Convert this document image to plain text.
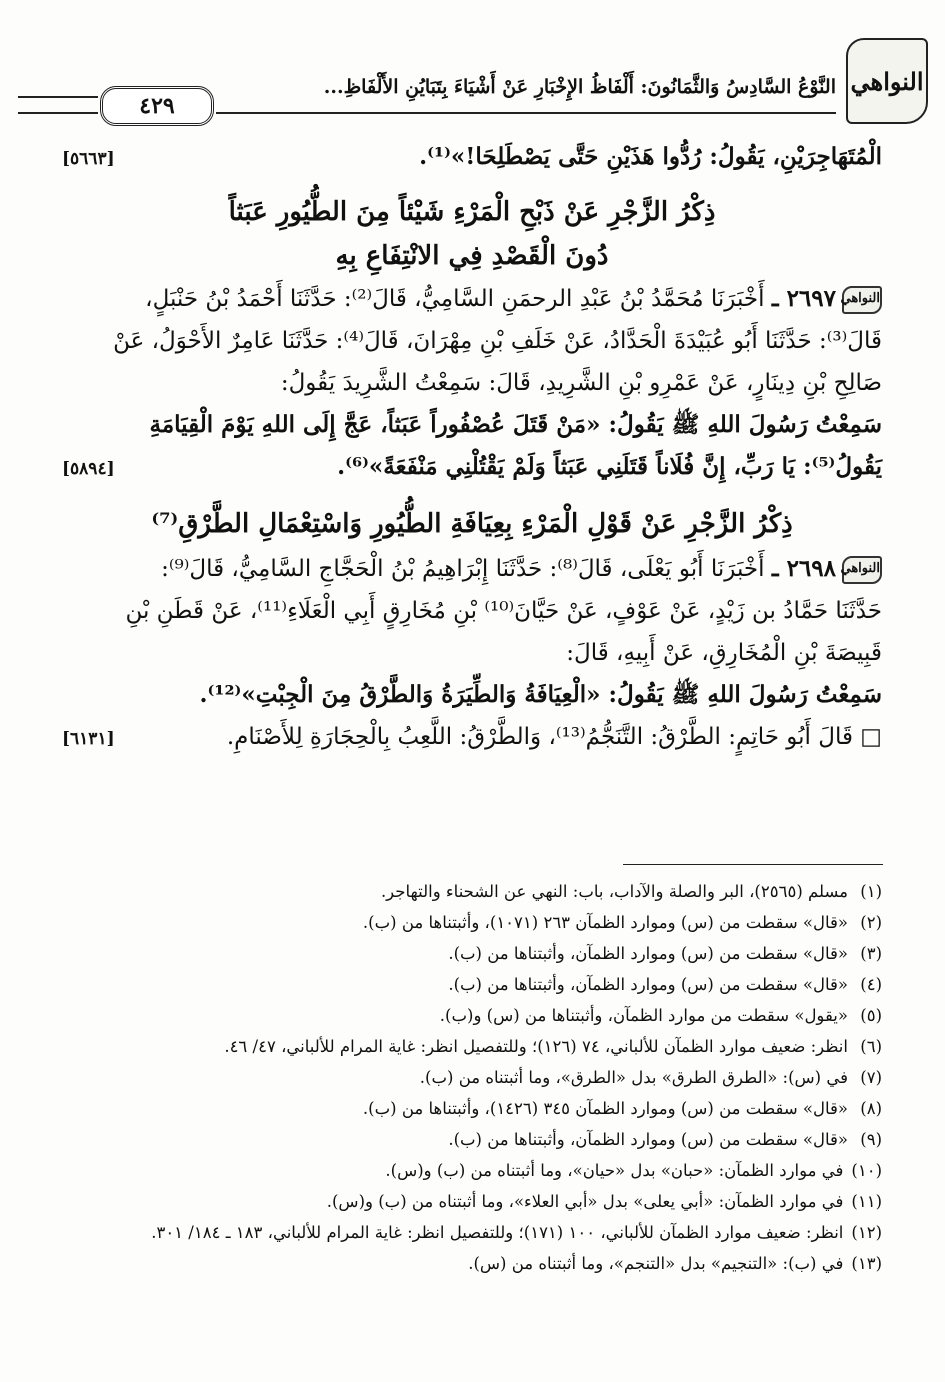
النواهي
النَّوْعُ السَّادِسُ وَالثَّمَانُونَ: أَلْفَاظُ الإِخْبَارِ عَنْ أَشْيَاءَ بِتَبَايُنِ الأَلْفَاظِ...
٤٢٩
[٥٦٦٣]	الْمُتَهَاجِرَيْنِ، يَقُولُ: رُدُّوا هَذَيْنِ حَتَّى يَصْطَلِحَا!»⁽¹⁾.
ذِكْرُ الزَّجْرِ عَنْ ذَبْحِ الْمَرْءِ شَيْئاً مِنَ الطُّيُورِ عَبَثاً
دُونَ الْقَصْدِ فِي الانْتِفَاعِ بِهِ
النواهي٢٦٩٧ ـ أَخْبَرَنَا مُحَمَّدُ بْنُ عَبْدِ الرحمَنِ السَّامِيُّ، قَالَ⁽²⁾: حَدَّثَنَا أَحْمَدُ بْنُ حَنْبَلٍ،
قَالَ⁽³⁾: حَدَّثَنَا أَبُو عُبَيْدَةَ الْحَدَّادُ، عَنْ خَلَفِ بْنِ مِهْرَانَ، قَالَ⁽⁴⁾: حَدَّثَنَا عَامِرٌ الأَحْوَلُ، عَنْ
صَالِحِ بْنِ دِينَارٍ، عَنْ عَمْرِو بْنِ الشَّرِيدِ، قَالَ: سَمِعْتُ الشَّرِيدَ يَقُولُ:
سَمِعْتُ رَسُولَ اللهِ ﷺ يَقُولُ: «مَنْ قَتَلَ عُصْفُوراً عَبَثاً، عَجَّ إِلَى اللهِ يَوْمَ الْقِيَامَةِ
[٥٨٩٤]	يَقُولُ⁽⁵⁾: يَا رَبِّ، إِنَّ فُلَاناً قَتَلَنِي عَبَثاً وَلَمْ يَقْتُلْنِي مَنْفَعَةً»⁽⁶⁾.
ذِكْرُ الزَّجْرِ عَنْ قَوْلِ الْمَرْءِ بِعِيَافَةِ الطُّيُورِ وَاسْتِعْمَالِ الطَّرْقِ⁽⁷⁾
النواهي٢٦٩٨ ـ أَخْبَرَنَا أَبُو يَعْلَى، قَالَ⁽⁸⁾: حَدَّثَنَا إِبْرَاهِيمُ بْنُ الْحَجَّاجِ السَّامِيُّ، قَالَ⁽⁹⁾:
حَدَّثَنَا حَمَّادُ بن زَيْدٍ، عَنْ عَوْفٍ، عَنْ حَيَّانَ⁽¹⁰⁾ بْنِ مُخَارِقٍ أَبِي الْعَلَاءِ⁽¹¹⁾، عَنْ قَطَنِ بْنِ
قَبِيصَةَ بْنِ الْمُخَارِقِ، عَنْ أَبِيهِ، قَالَ:
سَمِعْتُ رَسُولَ اللهِ ﷺ يَقُولُ: «الْعِيَافَةُ وَالطِّيَرَةُ وَالطَّرْقُ مِنَ الْجِبْتِ»⁽¹²⁾.
[٦١٣١]	□ قَالَ أَبُو حَاتِمٍ: الطَّرْقُ: التَّنَجُّمُ⁽¹³⁾، وَالطَّرْقُ: اللَّعِبُ بِالْحِجَارَةِ لِلأَصْنَامِ.
(١)
مسلم (٢٥٦٥)، البر والصلة والآداب، باب: النهي عن الشحناء والتهاجر.
(٢)
«قال» سقطت من (س) وموارد الظمآن ٢٦٣ (١٠٧١)، وأثبتناها من (ب).
(٣)
«قال» سقطت من (س) وموارد الظمآن، وأثبتناها من (ب).
(٤)
«قال» سقطت من (س) وموارد الظمآن، وأثبتناها من (ب).
(٥)
«يقول» سقطت من موارد الظمآن، وأثبتناها من (س) و(ب).
(٦)
انظر: ضعيف موارد الظمآن للألباني، ٧٤ (١٢٦)؛ وللتفصيل انظر: غاية المرام للألباني، ٤٧/ ٤٦.
(٧)
في (س): «الطرق الطرق» بدل «الطرق»، وما أثبتناه من (ب).
(٨)
«قال» سقطت من (س) وموارد الظمآن ٣٤٥ (١٤٢٦)، وأثبتناها من (ب).
(٩)
«قال» سقطت من (س) وموارد الظمآن، وأثبتناها من (ب).
(١٠)
في موارد الظمآن: «حبان» بدل «حيان»، وما أثبتناه من (ب) و(س).
(١١)
في موارد الظمآن: «أبي يعلى» بدل «أبي العلاء»، وما أثبتناه من (ب) و(س).
(١٢)
انظر: ضعيف موارد الظمآن للألباني، ١٠٠ (١٧١)؛ وللتفصيل انظر: غاية المرام للألباني، ١٨٣ ـ ١٨٤/ ٣٠١.
(١٣)
في (ب): «التنجيم» بدل «التنجم»، وما أثبتناه من (س).
